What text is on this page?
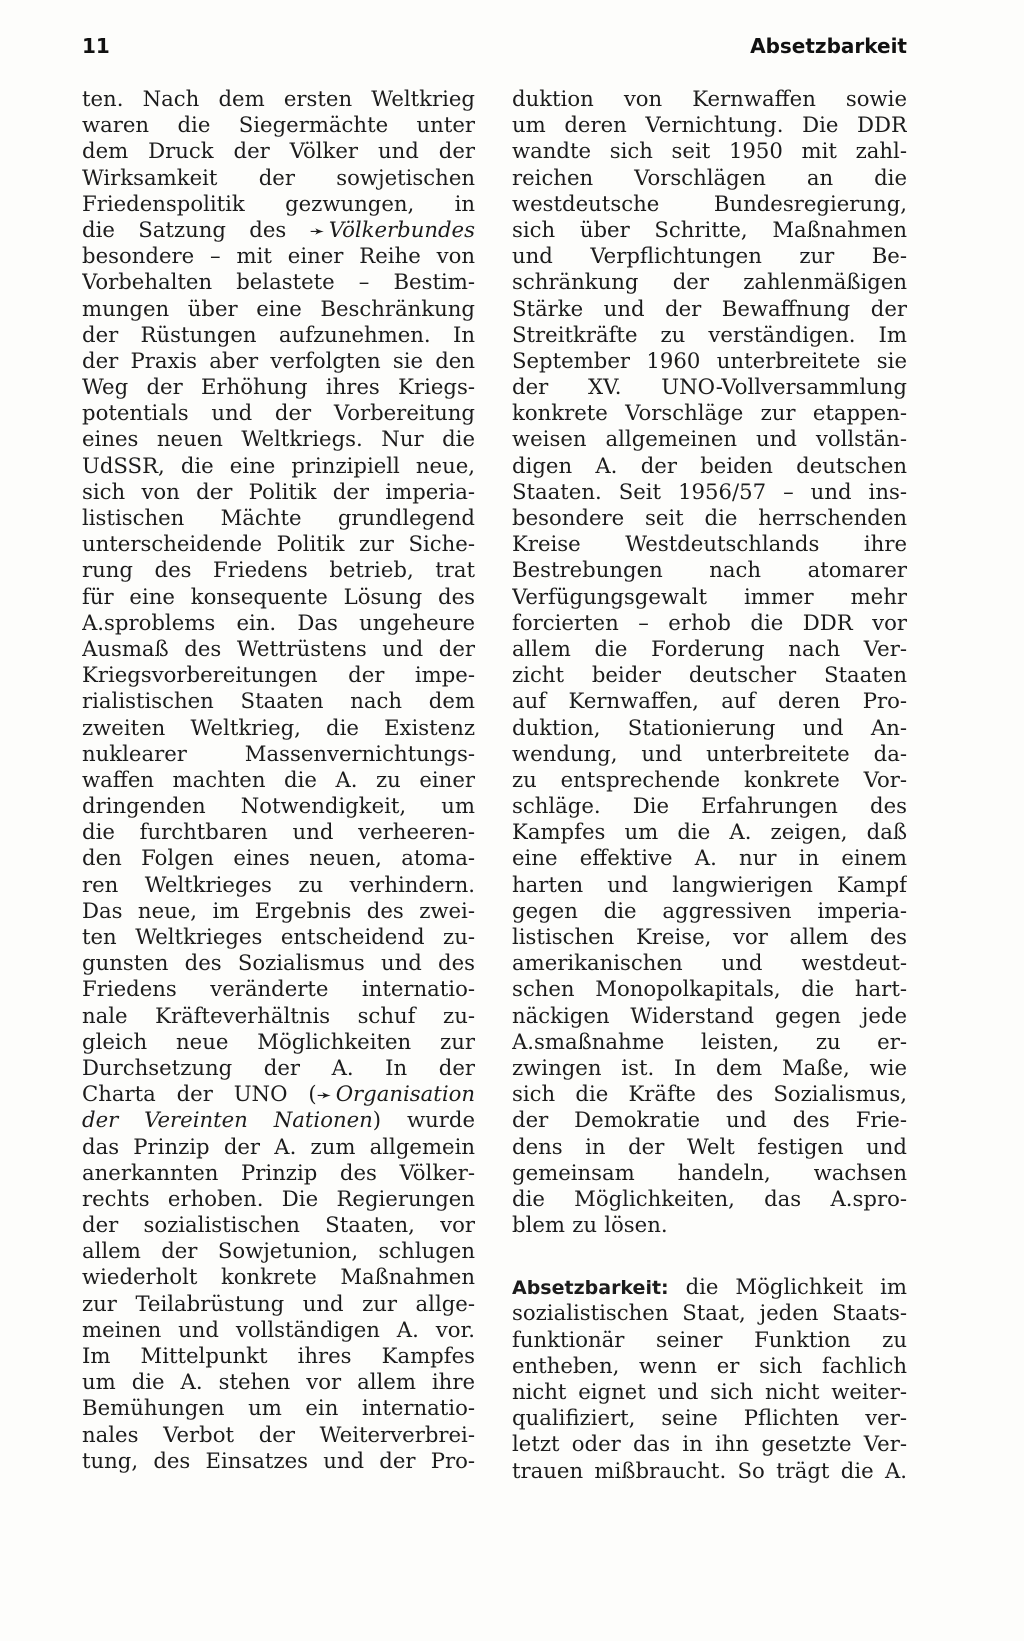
11	Absetzbarkeit
ten. Nach dem ersten Weltkrieg
waren die Siegermächte unter
dem Druck der Völker und der
Wirksamkeit der sowjetischen
Friedenspolitik gezwungen, in
die Satzung des ➛ Völkerbundes
besondere – mit einer Reihe von
Vorbehalten belastete – Bestim-
mungen über eine Beschränkung
der Rüstungen aufzunehmen. In
der Praxis aber verfolgten sie den
Weg der Erhöhung ihres Kriegs-
potentials und der Vorbereitung
eines neuen Weltkriegs. Nur die
UdSSR, die eine prinzipiell neue,
sich von der Politik der imperia-
listischen Mächte grundlegend
unterscheidende Politik zur Siche-
rung des Friedens betrieb, trat
für eine konsequente Lösung des
A.sproblems ein. Das ungeheure
Ausmaß des Wettrüstens und der
Kriegsvorbereitungen der impe-
rialistischen Staaten nach dem
zweiten Weltkrieg, die Existenz
nuklearer Massenvernichtungs-
waffen machten die A. zu einer
dringenden Notwendigkeit, um
die furchtbaren und verheeren-
den Folgen eines neuen, atoma-
ren Weltkrieges zu verhindern.
Das neue, im Ergebnis des zwei-
ten Weltkrieges entscheidend zu-
gunsten des Sozialismus und des
Friedens veränderte internatio-
nale Kräfteverhältnis schuf zu-
gleich neue Möglichkeiten zur
Durchsetzung der A. In der
Charta der UNO (➛ Organisation
der Vereinten Nationen) wurde
das Prinzip der A. zum allgemein
anerkannten Prinzip des Völker-
rechts erhoben. Die Regierungen
der sozialistischen Staaten, vor
allem der Sowjetunion, schlugen
wiederholt konkrete Maßnahmen
zur Teilabrüstung und zur allge-
meinen und vollständigen A. vor.
Im Mittelpunkt ihres Kampfes
um die A. stehen vor allem ihre
Bemühungen um ein internatio-
nales Verbot der Weiterverbrei-
tung, des Einsatzes und der Pro-
duktion von Kernwaffen sowie
um deren Vernichtung. Die DDR
wandte sich seit 1950 mit zahl-
reichen Vorschlägen an die
westdeutsche Bundesregierung,
sich über Schritte, Maßnahmen
und Verpflichtungen zur Be-
schränkung der zahlenmäßigen
Stärke und der Bewaffnung der
Streitkräfte zu verständigen. Im
September 1960 unterbreitete sie
der XV. UNO-Vollversammlung
konkrete Vorschläge zur etappen-
weisen allgemeinen und vollstän-
digen A. der beiden deutschen
Staaten. Seit 1956/57 – und ins-
besondere seit die herrschenden
Kreise Westdeutschlands ihre
Bestrebungen nach atomarer
Verfügungsgewalt immer mehr
forcierten – erhob die DDR vor
allem die Forderung nach Ver-
zicht beider deutscher Staaten
auf Kernwaffen, auf deren Pro-
duktion, Stationierung und An-
wendung, und unterbreitete da-
zu entsprechende konkrete Vor-
schläge. Die Erfahrungen des
Kampfes um die A. zeigen, daß
eine effektive A. nur in einem
harten und langwierigen Kampf
gegen die aggressiven imperia-
listischen Kreise, vor allem des
amerikanischen und westdeut-
schen Monopolkapitals, die hart-
näckigen Widerstand gegen jede
A.smaßnahme leisten, zu er-
zwingen ist. In dem Maße, wie
sich die Kräfte des Sozialismus,
der Demokratie und des Frie-
dens in der Welt festigen und
gemeinsam handeln, wachsen
die Möglichkeiten, das A.spro-
blem zu lösen.
Absetzbarkeit: die Möglichkeit im
sozialistischen Staat, jeden Staats-
funktionär seiner Funktion zu
entheben, wenn er sich fachlich
nicht eignet und sich nicht weiter-
qualifiziert, seine Pflichten ver-
letzt oder das in ihn gesetzte Ver-
trauen mißbraucht. So trägt die A.
